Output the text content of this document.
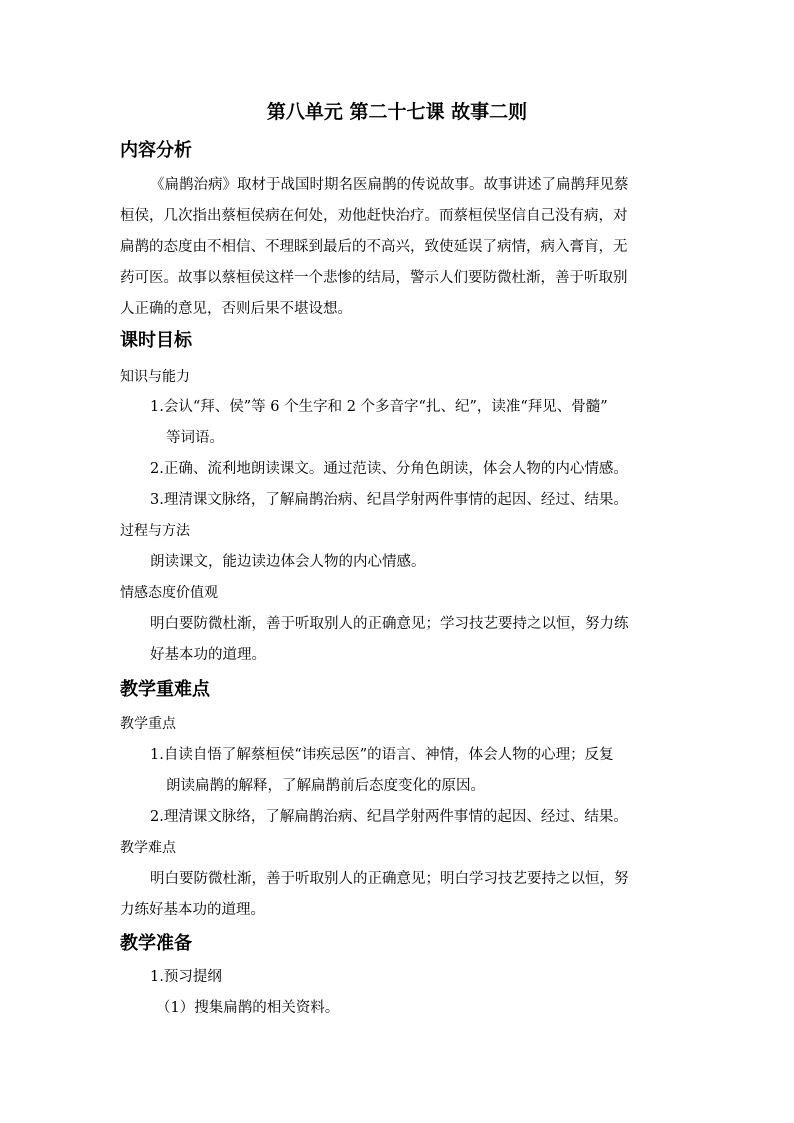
第八单元 第二十七课 故事二则
内容分析
《扁鹊治病》取材于战国时期名医扁鹊的传说故事。故事讲述了扁鹊拜见蔡
桓侯，几次指出蔡桓侯病在何处，劝他赶快治疗。而蔡桓侯坚信自己没有病，对
扁鹊的态度由不相信、不理睬到最后的不高兴，致使延误了病情，病入膏肓，无
药可医。故事以蔡桓侯这样一个悲惨的结局，警示人们要防微杜渐，善于听取别
人正确的意见，否则后果不堪设想。
课时目标
知识与能力
1.会认“拜、侯”等 6 个生字和 2 个多音字“扎、纪”，读准“拜见、骨髓”
等词语。
2.正确、流利地朗读课文。通过范读、分角色朗读，体会人物的内心情感。
3.理清课文脉络，了解扁鹊治病、纪昌学射两件事情的起因、经过、结果。
过程与方法
朗读课文，能边读边体会人物的内心情感。
情感态度价值观
明白要防微杜渐，善于听取别人的正确意见；学习技艺要持之以恒，努力练
好基本功的道理。
教学重难点
教学重点
1.自读自悟了解蔡桓侯“讳疾忌医”的语言、神情，体会人物的心理；反复
朗读扁鹊的解释，了解扁鹊前后态度变化的原因。
2.理清课文脉络，了解扁鹊治病、纪昌学射两件事情的起因、经过、结果。
教学难点
明白要防微杜渐，善于听取别人的正确意见；明白学习技艺要持之以恒，努
力练好基本功的道理。
教学准备
1.预习提纲
（1）搜集扁鹊的相关资料。
